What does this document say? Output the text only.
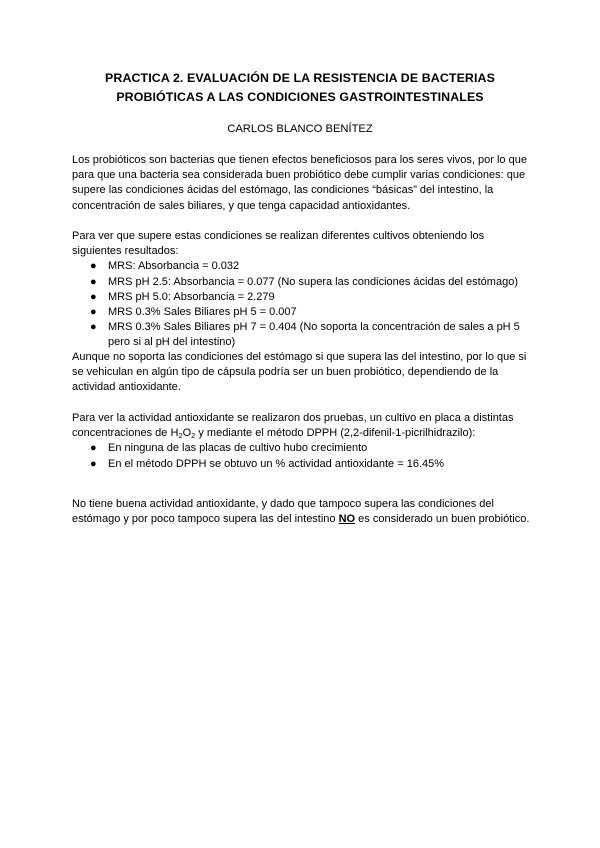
PRACTICA 2. EVALUACIÓN DE LA RESISTENCIA DE BACTERIAS
PROBIÓTICAS A LAS CONDICIONES GASTROINTESTINALES
CARLOS BLANCO BENÍTEZ

Los probióticos son bacterias que tienen efectos beneficiosos para los seres vivos, por lo que para que una bacteria sea considerada buen probiótico debe cumplir varias condiciones: que supere las condiciones ácidas del estómago, las condiciones “básicas” del intestino, la concentración de sales biliares, y que tenga capacidad antioxidantes.

Para ver que supere estas condiciones se realizan diferentes cultivos obteniendo los siguientes resultados:

● MRS: Absorbancia = 0.032
● MRS pH 2.5: Absorbancia = 0.077 (No supera las condiciones ácidas del estómago)
● MRS pH 5.0: Absorbancia = 2.279
● MRS 0.3% Sales Biliares pH 5 = 0.007
● MRS 0.3% Sales Biliares pH 7 = 0.404 (No soporta la concentración de sales a pH 5 pero si al pH del intestino)

Aunque no soporta las condiciones del estómago si que supera las del intestino, por lo que si se vehiculan en algún tipo de cápsula podría ser un buen probiótico, dependiendo de la actividad antioxidante.

Para ver la actividad antioxidante se realizaron dos pruebas, un cultivo en placa a distintas concentraciones de $H_2O_2$ y mediante el método DPPH (2,2-difenil-1-picrilhidrazilo):

● En ninguna de las placas de cultivo hubo crecimiento
● En el método DPPH se obtuvo un % actividad antioxidante = 16.45%

No tiene buena actividad antioxidante, y dado que tampoco supera las condiciones del estómago y por poco tampoco supera las del intestino NO es considerado un buen probiótico.
